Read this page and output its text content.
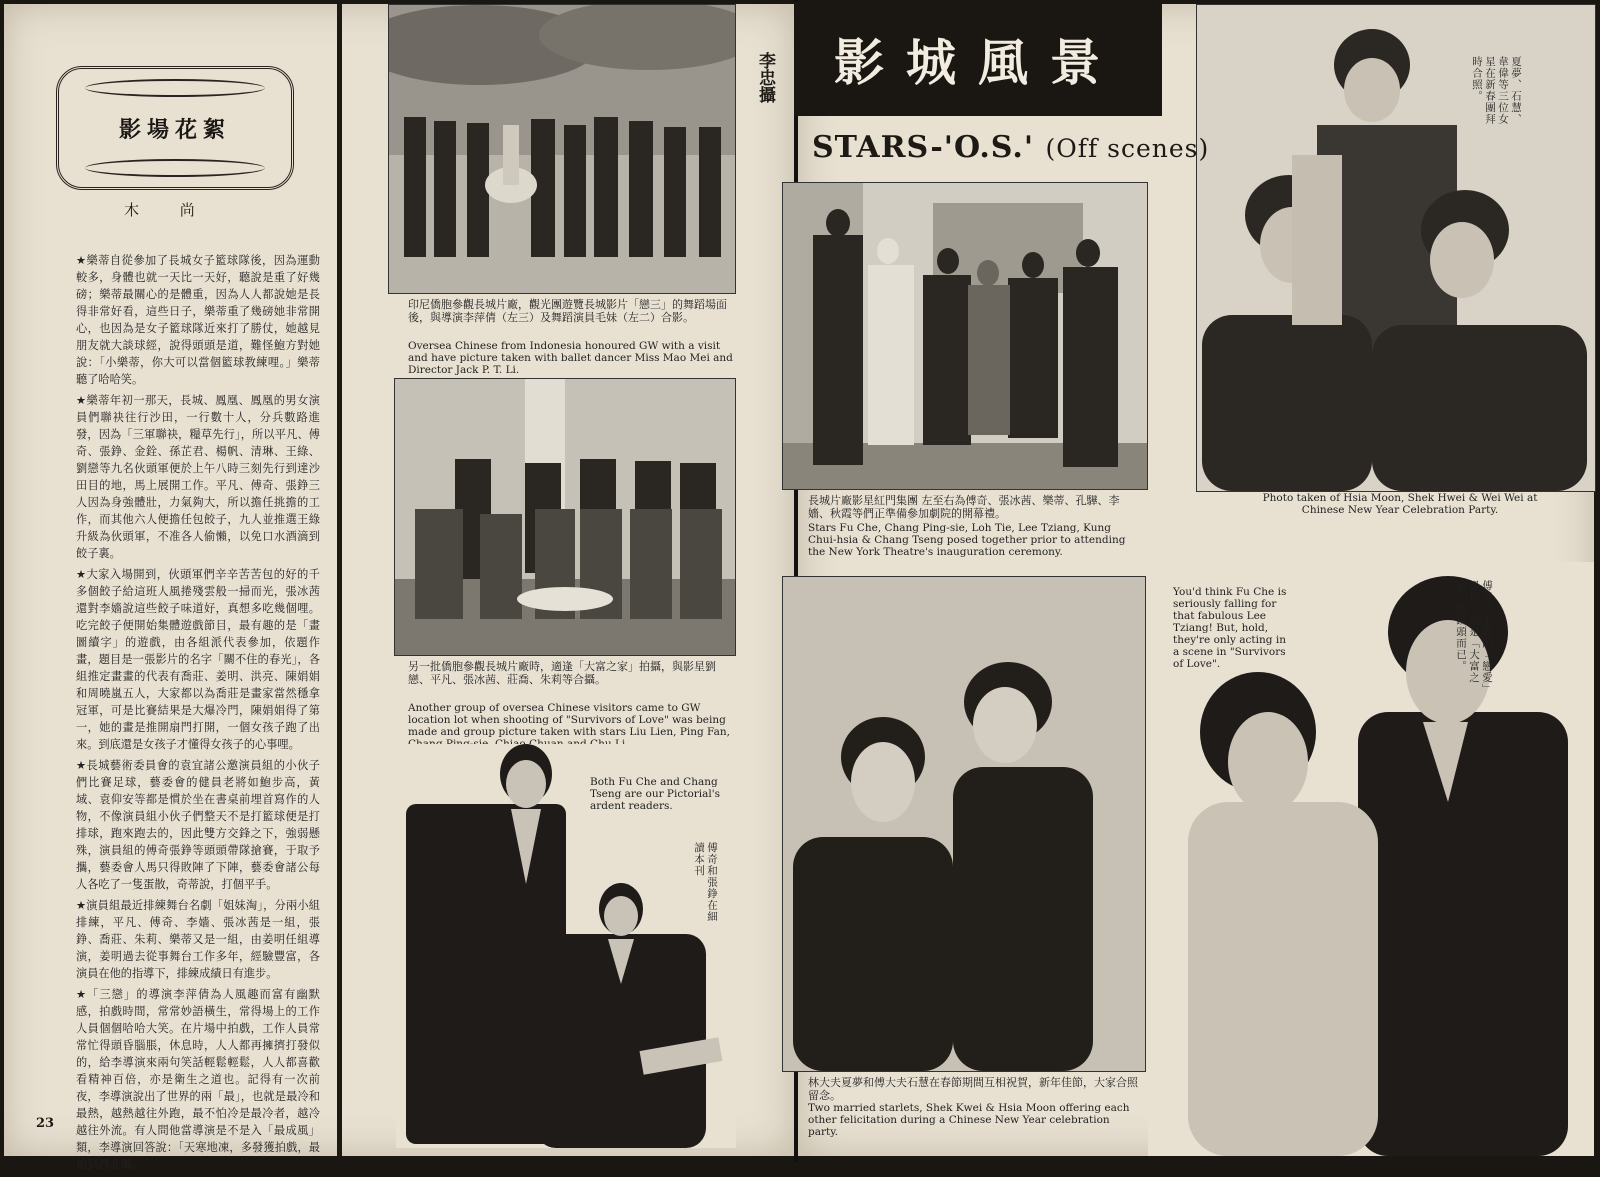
影場花絮
木 尚

★樂蒂自從參加了長城女子籃球隊後，因為運動較多，身體也就一天比一天好，聽說是重了好幾磅；樂蒂最關心的是體重，因為人人都說她是長得非常好看，這些日子，樂蒂重了幾磅她非常開心，也因為是女子籃球隊近來打了勝仗，她越見朋友就大談球經，說得頭頭是道，難怪鮑方對她說：「小樂蒂，你大可以當個籃球教練哩。」樂蒂聽了哈哈笑。

★樂蒂年初一那天，長城、鳳凰、鳳凰的男女演員們聯袂往行沙田，一行數十人，分兵數路進發，因為「三軍聯袂，糧草先行」，所以平凡、傅奇、張錚、金銓、孫芷君、楊帆、清琳、王綠、劉戀等九名伙頭軍便於上午八時三刻先行到達沙田目的地，馬上展開工作。平凡、傅奇、張錚三人因為身強體壯，力氣夠大，所以擔任挑擔的工作，而其他六人便擔任包餃子，九人並推選王綠升級為伙頭軍，不准各人偷懶，以免口水酒滴到餃子裏。

★大家入場開到，伙頭軍們辛辛苦苦包的好的千多個餃子給這班人風捲殘雲般一掃而光，張冰茜還對李嬙說這些餃子味道好，真想多吃幾個哩。吃完餃子便開始集體遊戲節目，最有趣的是「畫圖續字」的遊戲，由各組派代表參加，依題作畫，題目是一張影片的名字「關不住的春光」，各組推定畫畫的代表有喬莊、姜明、洪亮、陳娟娟和周曉嵐五人，大家都以為喬莊是畫家當然穩拿冠軍，可是比賽結果是大爆冷門，陳娟娟得了第一，她的畫是推開扇門打開，一個女孩子跑了出來。到底還是女孩子才懂得女孩子的心事哩。

★長城藝術委員會的袁宜諸公邀演員組的小伙子們比賽足球，藝委會的健員老將如鮑步高，黃域、袁仰安等都是慣於坐在書桌前埋首寫作的人物，不像演員組小伙子們整天不是打籃球便是打排球，跑來跑去的，因此雙方交鋒之下，強弱懸殊，演員組的傅奇張錚等頭頭帶隊搶賽，于取予攜，藝委會人馬只得敗陣了下陣，藝委會諸公每人各吃了一隻蛋散，奇蒂說，打個平手。

★演員組最近排練舞台名劇「姐妹淘」，分兩小組排練，平凡、傅奇、李嬙、張冰茜是一組，張錚、喬莊、朱莉、樂蒂又是一組，由姜明任組導演，姜明過去從事舞台工作多年，經驗豐富，各演員在他的指導下，排練成績日有進步。

★「三戀」的導演李萍倩為人風趣而富有幽默感，拍戲時間，常常妙語橫生，常得場上的工作人員個個哈哈大笑。在片場中拍戲，工作人員常常忙得頭昏腦脹，休息時，人人都再擁擠打發似的，給李導演來兩句笑話輕鬆輕鬆，人人都喜歡看精神百倍，亦是衛生之道也。記得有一次前夜，李導演說出了世界的兩「最」，也就是最冷和最熱，越熱越往外跑，最不怕冷是最冷者，越冷越往外流。有人問他當導演是不是入「最成風」類，李導演回答說：「天寒地凍，多發獲拍戲，最怕到西北風。」

23
印尼僑胞參觀長城片廠，觀光團遊覽長城影片「戀三」的舞蹈場面後，與導演李萍倩（左三）及舞蹈演員毛妹（左二）合影。
Oversea Chinese from Indonesia honoured GW with a visit and have picture taken with ballet dancer Miss Mao Mei and Director Jack P. T. Li.
李忠攝
另一批僑胞參觀長城片廠時，適逢「大富之家」拍攝，與影星劉戀、平凡、張冰茜、莊喬、朱莉等合攝。
Another group of oversea Chinese visitors came to GW location lot when shooting of "Survivors of Love" was being made and group picture taken with stars Liu Lien, Ping Fan,
Both Fu Che and Chang Tseng are our Pictorial's ardent readers.
傅奇和張錚在細讀本刊
長城片廠影星紅門集團 左至右為傅奇、張冰茜、樂蒂、孔驊、李嬙、秋霞等們正準備參加劇院的開幕禮。
Stars Fu Che, Chang Ping-sie, Loh Tie, Lee Tziang, Kung Chui-hsia & Chang Tseng posed together prior to attending the New York Theatre's inauguration ceremony.
夏夢、石慧、韋偉等三位女星在新春團拜時合照。
Photo taken of Hsia Moon, Shek Hwei & Wei Wei at Chinese New Year Celebration Party.
林大夫夏夢和傅大夫石慧在春節期間互相祝賀，新年佳節，大家合照留念。
Two married starlets, Shek Kwei & Hsia Moon offering each other felicitation during a Chinese New Year celebration party.
You'd think Fu Che is seriously falling for that fabulous Lee Tziang! But, hold, they're only acting in a scene in "Survivors of Love".	傅奇和李嬙的「戀愛」過程？那是「大富之家」的鏡頭而已。
影城風景
STARS-'O.S.' (Off scenes)
